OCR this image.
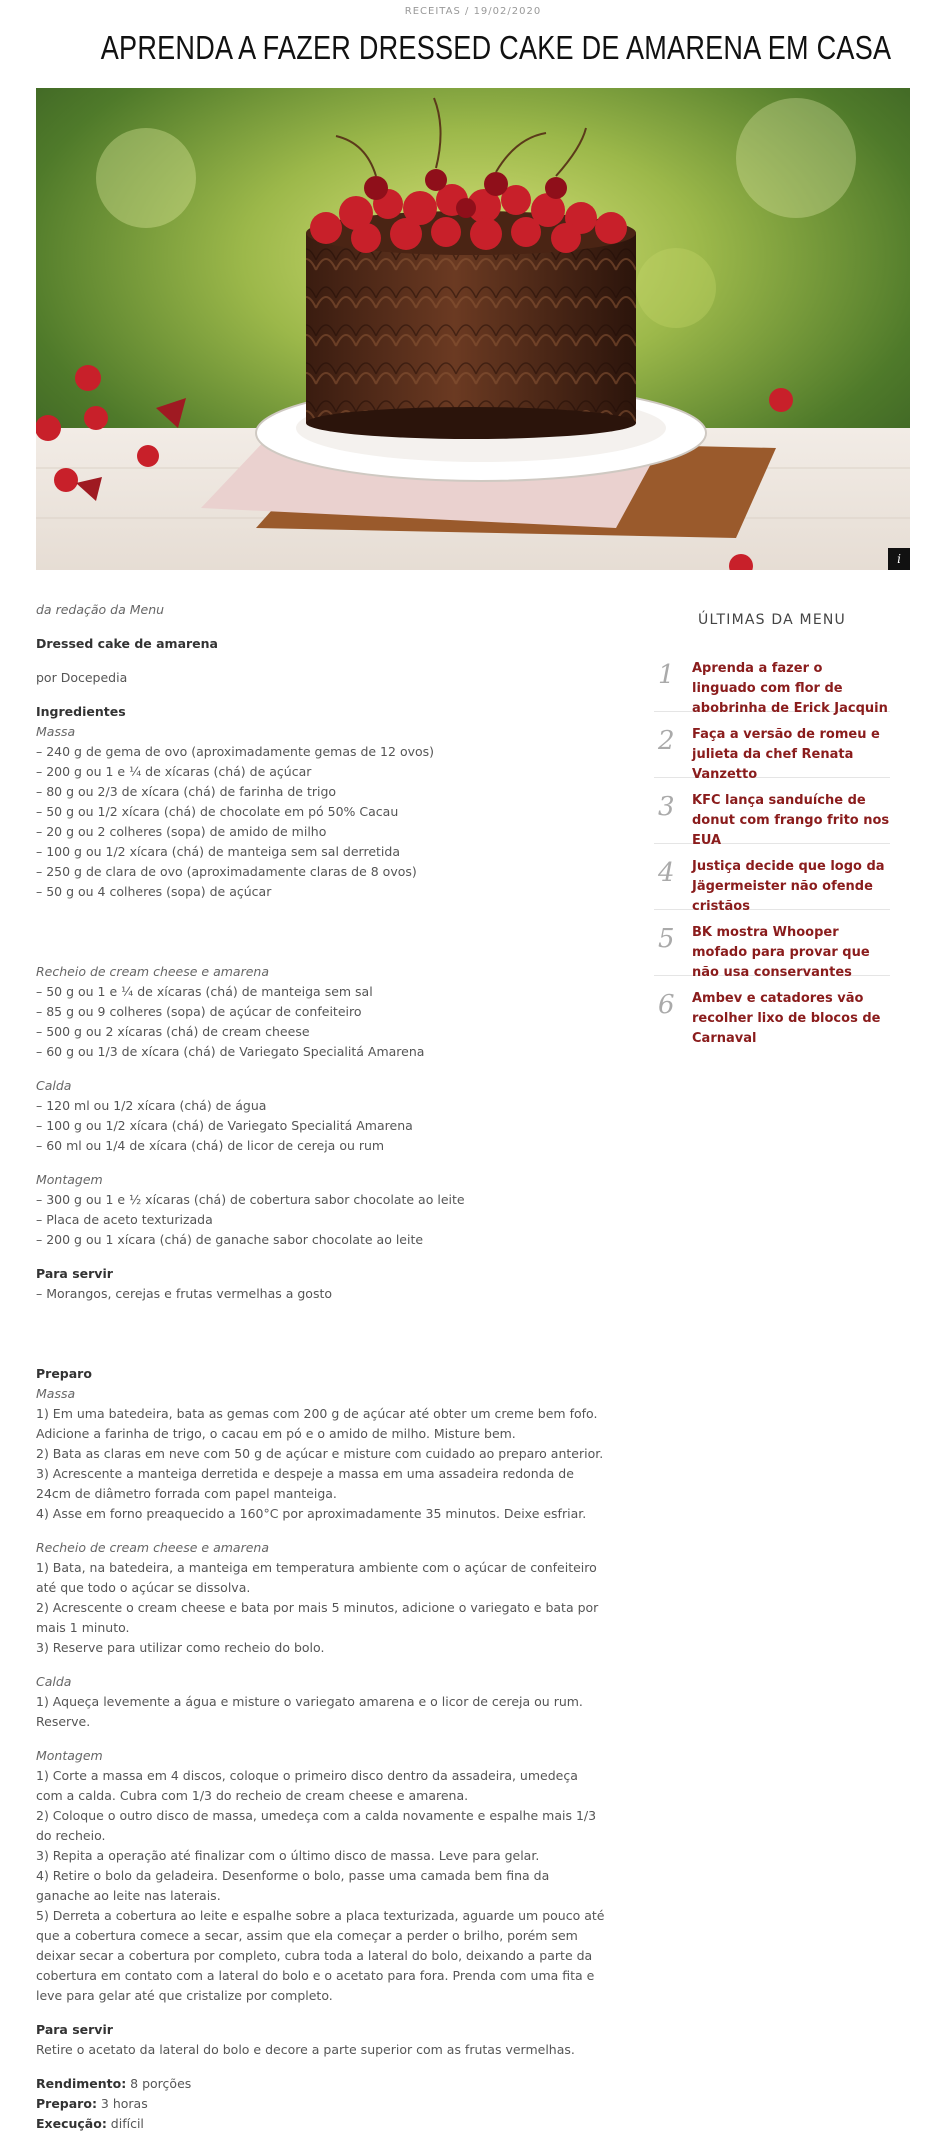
RECEITAS / 19/02/2020
APRENDA A FAZER DRESSED CAKE DE AMARENA EM CASA
i

da redação da Menu

Dressed cake de amarena

por Docepedia

Ingredientes

Massa

– 240 g de gema de ovo (aproximadamente gemas de 12 ovos)

– 200 g ou 1 e ¼ de xícaras (chá) de açúcar

– 80 g ou 2/3 de xícara (chá) de farinha de trigo

– 50 g ou 1/2 xícara (chá) de chocolate em pó 50% Cacau

– 20 g ou 2 colheres (sopa) de amido de milho

– 100 g ou 1/2 xícara (chá) de manteiga sem sal derretida

– 250 g de clara de ovo (aproximadamente claras de 8 ovos)

– 50 g ou 4 colheres (sopa) de açúcar

Recheio de cream cheese e amarena

– 50 g ou 1 e ¼ de xícaras (chá) de manteiga sem sal

– 85 g ou 9 colheres (sopa) de açúcar de confeiteiro

– 500 g ou 2 xícaras (chá) de cream cheese

– 60 g ou 1/3 de xícara (chá) de Variegato Specialitá Amarena

Calda

– 120 ml ou 1/2 xícara (chá) de água

– 100 g ou 1/2 xícara (chá) de Variegato Specialitá Amarena

– 60 ml ou 1/4 de xícara (chá) de licor de cereja ou rum

Montagem

– 300 g ou 1 e ½ xícaras (chá) de cobertura sabor chocolate ao leite

– Placa de aceto texturizada

– 200 g ou 1 xícara (chá) de ganache sabor chocolate ao leite

Para servir

– Morangos, cerejas e frutas vermelhas a gosto

Preparo

Massa

1) Em uma batedeira, bata as gemas com 200 g de açúcar até obter um creme bem fofo. Adicione a farinha de trigo, o cacau em pó e o amido de milho. Misture bem.

2) Bata as claras em neve com 50 g de açúcar e misture com cuidado ao preparo anterior.

3) Acrescente a manteiga derretida e despeje a massa em uma assadeira redonda de 24cm de diâmetro forrada com papel manteiga.

4) Asse em forno preaquecido a 160°C por aproximadamente 35 minutos. Deixe esfriar.

Recheio de cream cheese e amarena

1) Bata, na batedeira, a manteiga em temperatura ambiente com o açúcar de confeiteiro até que todo o açúcar se dissolva.

2) Acrescente o cream cheese e bata por mais 5 minutos, adicione o variegato e bata por mais 1 minuto.

3) Reserve para utilizar como recheio do bolo.

Calda

1) Aqueça levemente a água e misture o variegato amarena e o licor de cereja ou rum. Reserve.

Montagem

1) Corte a massa em 4 discos, coloque o primeiro disco dentro da assadeira, umedeça com a calda. Cubra com 1/3 do recheio de cream cheese e amarena.

2) Coloque o outro disco de massa, umedeça com a calda novamente e espalhe mais 1/3 do recheio.

3) Repita a operação até finalizar com o último disco de massa. Leve para gelar.

4) Retire o bolo da geladeira. Desenforme o bolo, passe uma camada bem fina da ganache ao leite nas laterais.

5) Derreta a cobertura ao leite e espalhe sobre a placa texturizada, aguarde um pouco até que a cobertura comece a secar, assim que ela começar a perder o brilho, porém sem deixar secar a cobertura por completo, cubra toda a lateral do bolo, deixando a parte da cobertura em contato com a lateral do bolo e o acetato para fora. Prenda com uma fita e leve para gelar até que cristalize por completo.

Para servir

Retire o acetato da lateral do bolo e decore a parte superior com as frutas vermelhas.

Rendimento: 8 porções

Preparo: 3 horas

Execução: difícil

ÚLTIMAS DA MENU
1	Aprenda a fazer o linguado com flor de abobrinha de Erick Jacquin
2	Faça a versão de romeu e julieta da chef Renata Vanzetto
3	KFC lança sanduíche de donut com frango frito nos EUA
4	Justiça decide que logo da Jägermeister não ofende cristãos
5	BK mostra Whooper mofado para provar que não usa conservantes
6	Ambev e catadores vão recolher lixo de blocos de Carnaval
